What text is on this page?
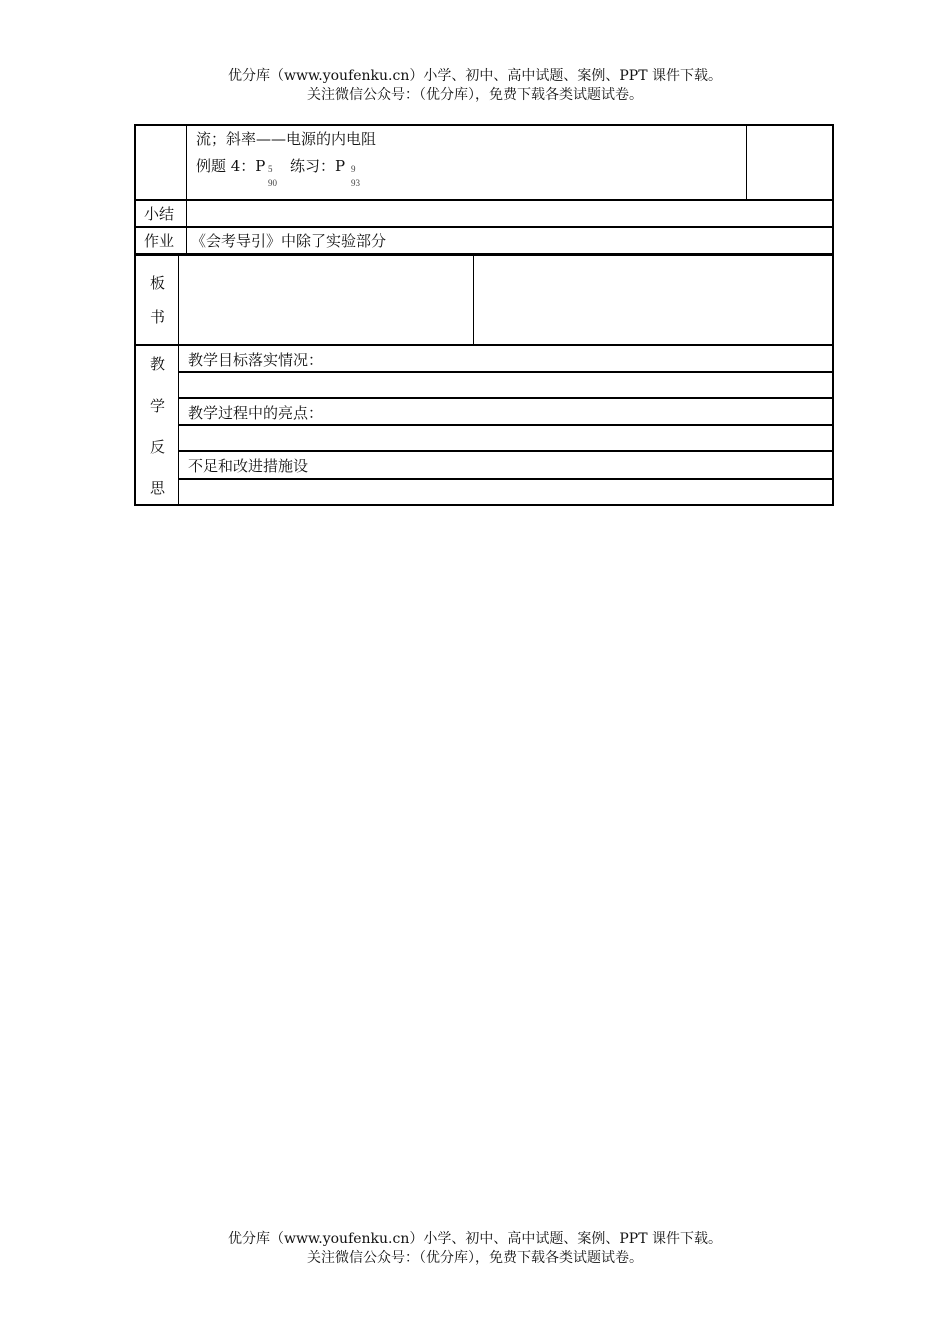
优分库（www.youfenku.cn）小学、初中、高中试题、案例、PPT 课件下载。
关注微信公众号：（优分库），免费下载各类试题试卷。
流；斜率——电源的内电阻
例题 4：P 5
90
练习：P 9
93
小结
作业 《会考导引》中除了实验部分
板
书
教
学
反
思
教学目标落实情况：
教学过程中的亮点：
不足和改进措施设
优分库（www.youfenku.cn）小学、初中、高中试题、案例、PPT 课件下载。
关注微信公众号：（优分库），免费下载各类试题试卷。
